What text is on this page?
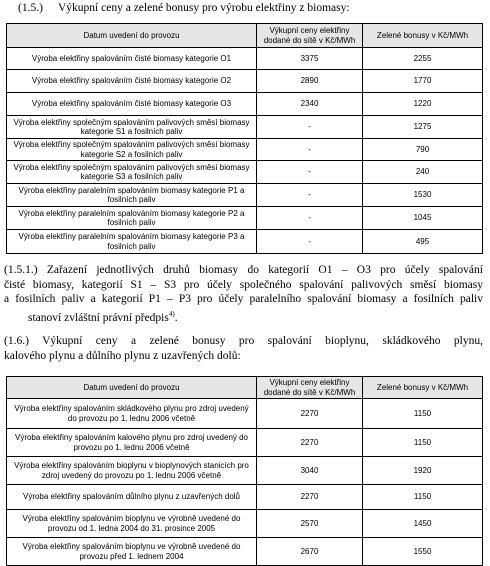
(1.5.) Výkupní ceny a zelené bonusy pro výrobu elektřiny z biomasy:
Datum uvedení do provozu	Výkupní ceny elektřiny dodané do sítě v Kč/MWh	Zelené bonusy v Kč/MWh
Výroba elektřiny spalováním čisté biomasy kategorie O1	3375	2255
Výroba elektřiny spalováním čisté biomasy kategorie O2	2890	1770
Výroba elektřiny spalováním čisté biomasy kategorie O3	2340	1220
Výroba elektřiny společným spalováním palivových směsí biomasy kategorie S1 a fosilních paliv	-	1275
Výroba elektřiny společným spalováním palivových směsí biomasy kategorie S2 a fosilních paliv	-	790
Výroba elektřiny společným spalováním palivových směsí biomasy kategorie S3 a fosilních paliv	-	240
Výroba elektřiny paralelním spalováním biomasy kategorie P1 a fosilních paliv	-	1530
Výroba elektřiny paralelním spalováním biomasy kategorie P2 a fosilních paliv	-	1045
Výroba elektřiny paralelním spalováním biomasy kategorie P3 a fosilních paliv	-	495
(1.5.1.) Zařazení jednotlivých druhů biomasy do kategorií O1 – O3 pro účely spalování
čisté biomasy, kategorií S1 – S3 pro účely společného spalování palivových směsí biomasy
a fosilních paliv a kategorií P1 – P3 pro účely paralelního spalování biomasy a fosilních paliv
stanoví zvláštní právní předpis$^{4)}$.
(1.6.) Výkupní ceny a zelené bonusy pro spalování bioplynu, skládkového plynu,
kalového plynu a důlního plynu z uzavřených dolů:
Datum uvedení do provozu	Výkupní ceny elektřiny dodané do sítě v Kč/MWh	Zelené bonusy v Kč/MWh
Výroba elektřiny spalováním skládkového plynu pro zdroj uvedený do provozu po 1. lednu 2006 včetně	2270	1150
Výroba elektřiny spalováním kalového plynu pro zdroj uvedený do provozu po 1. lednu 2006 včetně	2270	1150
Výroba elektřiny spalováním bioplynu v bioplynových stanicích pro zdroj uvedený do provozu po 1. lednu 2006 včetně	3040	1920
Výroba elektřiny spalováním důlního plynu z uzavřených dolů	2270	1150
Výroba elektřiny spalováním bioplynu ve výrobně uvedené do provozu od 1. ledna 2004 do 31. prosince 2005	2570	1450
Výroba elektřiny spalováním bioplynu ve výrobně uvedené do provozu před 1. lednem 2004	2670	1550
